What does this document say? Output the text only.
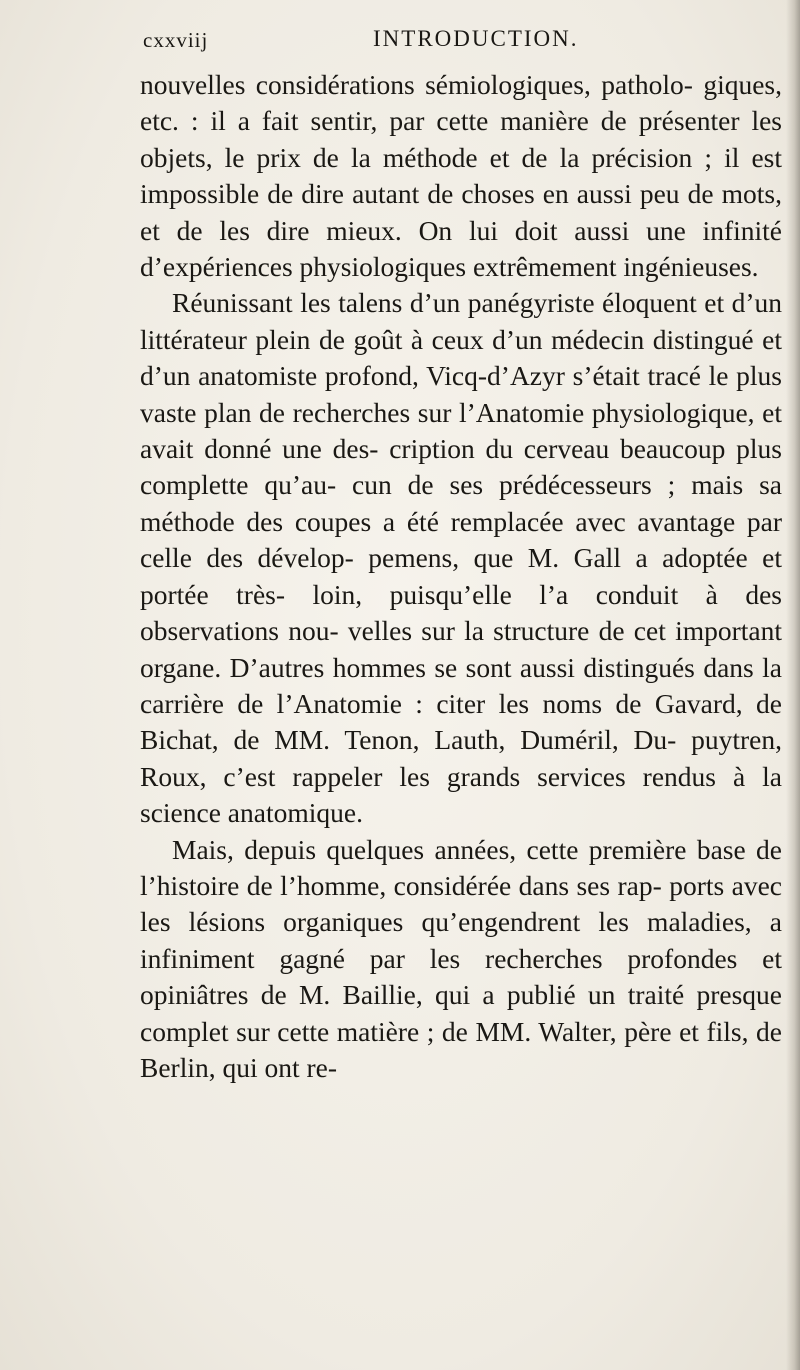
cxxviij	INTRODUCTION.

nouvelles considérations sémiologiques, patholo- giques, etc. : il a fait sentir, par cette manière de présenter les objets, le prix de la méthode et de la précision ; il est impossible de dire autant de choses en aussi peu de mots, et de les dire mieux. On lui doit aussi une infinité d’expériences physiologiques extrêmement ingénieuses.

Réunissant les talens d’un panégyriste éloquent et d’un littérateur plein de goût à ceux d’un médecin distingué et d’un anatomiste profond, Vicq-d’Azyr s’était tracé le plus vaste plan de recherches sur l’Anatomie physiologique, et avait donné une des- cription du cerveau beaucoup plus complette qu’au- cun de ses prédécesseurs ; mais sa méthode des coupes a été remplacée avec avantage par celle des dévelop- pemens, que M. Gall a adoptée et portée très- loin, puisqu’elle l’a conduit à des observations nou- velles sur la structure de cet important organe. D’autres hommes se sont aussi distingués dans la carrière de l’Anatomie : citer les noms de Gavard, de Bichat, de MM. Tenon, Lauth, Duméril, Du- puytren, Roux, c’est rappeler les grands services rendus à la science anatomique.

Mais, depuis quelques années, cette première base de l’histoire de l’homme, considérée dans ses rap- ports avec les lésions organiques qu’engendrent les maladies, a infiniment gagné par les recherches profondes et opiniâtres de M. Baillie, qui a publié un traité presque complet sur cette matière ; de MM. Walter, père et fils, de Berlin, qui ont re-
